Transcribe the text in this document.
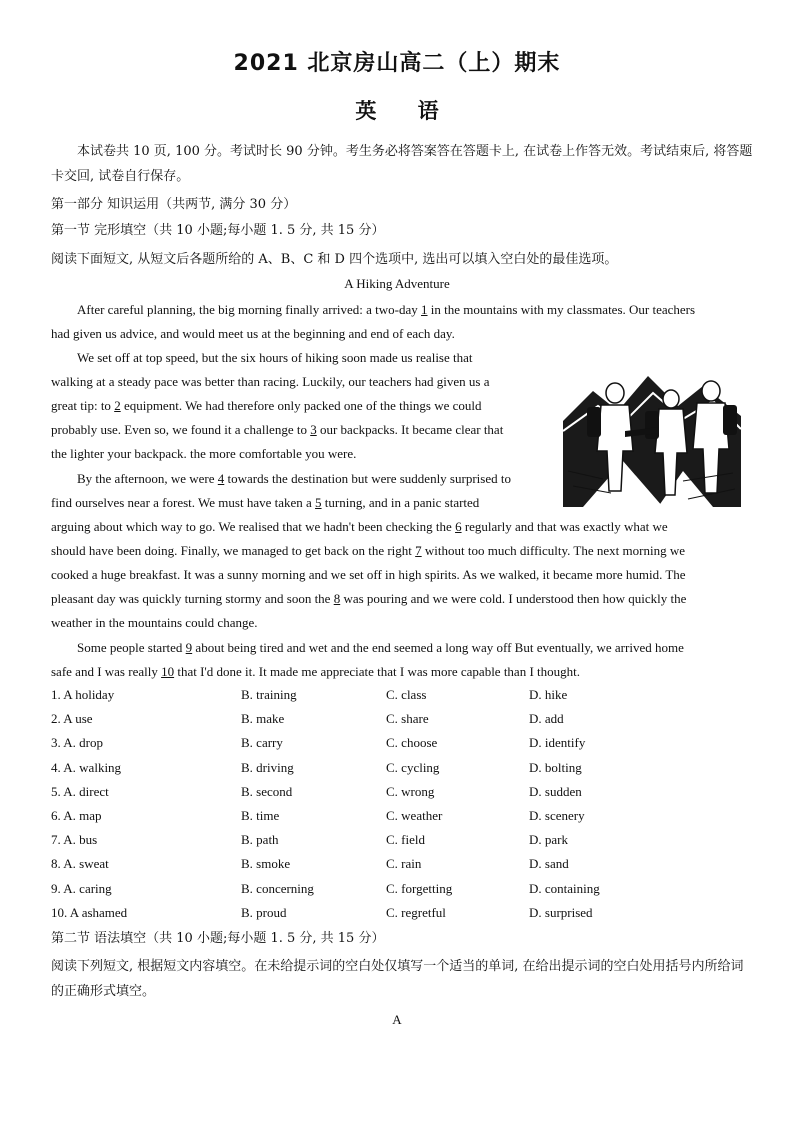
2021 北京房山高二（上）期末
英 语
本试卷共 10 页, 100 分。考试时长 90 分钟。考生务必将答案答在答题卡上, 在试卷上作答无效。考试结束后, 将答题卡交回, 试卷自行保存。
第一部分 知识运用（共两节, 满分 30 分）
第一节 完形填空（共 10 小题;每小题 1. 5 分, 共 15 分）
阅读下面短文, 从短文后各题所给的 A、B、C 和 D 四个选项中, 选出可以填入空白处的最佳选项。
A Hiking Adventure
After careful planning, the big morning finally arrived: a two-day 1 in the mountains with my classmates. Our teachers
had given us advice, and would meet us at the beginning and end of each day.
We set off at top speed, but the six hours of hiking soon made us realise that
walking at a steady pace was better than racing. Luckily, our teachers had given us a
great tip: to 2 equipment. We had therefore only packed one of the things we could
probably use. Even so, we found it a challenge to 3 our backpacks. It became clear that
the lighter your backpack. the more comfortable you were.
By the afternoon, we were 4 towards the destination but were suddenly surprised to
find ourselves near a forest. We must have taken a 5 turning, and in a panic started
arguing about which way to go. We realised that we hadn't been checking the 6 regularly and that was exactly what we
should have been doing. Finally, we managed to get back on the right 7 without too much difficulty. The next morning we
cooked a huge breakfast. It was a sunny morning and we set off in high spirits. As we walked, it became more humid. The
pleasant day was quickly turning stormy and soon the 8 was pouring and we were cold. I understood then how quickly the
weather in the mountains could change.
Some people started 9 about being tired and wet and the end seemed a long way off But eventually, we arrived home
safe and I was really 10 that I'd done it. It made me appreciate that I was more capable than I thought.
1. A holiday	B. training	C. class	D. hike
2. A use	B. make	C. share	D. add
3. A. drop	B. carry	C. choose	D. identify
4. A. walking	B. driving	C. cycling	D. bolting
5. A. direct	B. second	C. wrong	D. sudden
6. A. map	B. time	C. weather	D. scenery
7. A. bus	B. path	C. field	D. park
8. A. sweat	B. smoke	C. rain	D. sand
9. A. caring	B. concerning	C. forgetting	D. containing
10. A ashamed	B. proud	C. regretful	D. surprised
第二节 语法填空（共 10 小题;每小题 1. 5 分, 共 15 分）
阅读下列短文, 根据短文内容填空。在未给提示词的空白处仅填写一个适当的单词, 在给出提示词的空白处用括号内所给词的正确形式填空。
A
